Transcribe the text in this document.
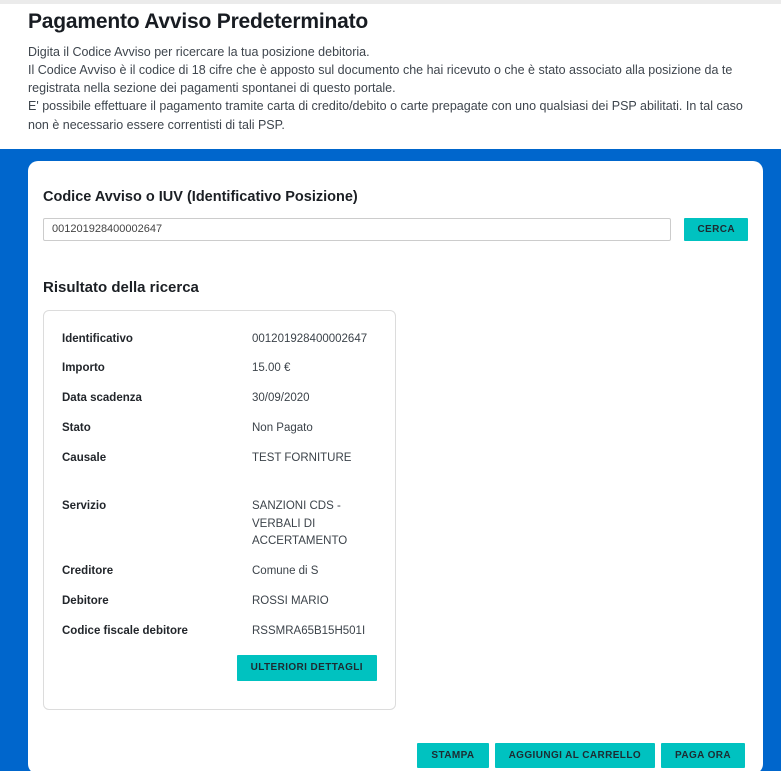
Pagamento Avviso Predeterminato

Digita il Codice Avviso per ricercare la tua posizione debitoria.

Il Codice Avviso è il codice di 18 cifre che è apposto sul documento che hai ricevuto o che è stato associato alla posizione da te registrata nella sezione dei pagamenti spontanei di questo portale.

E' possibile effettuare il pagamento tramite carta di credito/debito o carte prepagate con uno qualsiasi dei PSP abilitati. In tal caso non è necessario essere correntisti di tali PSP.

Codice Avviso o IUV (Identificativo Posizione)
001201928400002647
CERCA
Risultato della ricerca
Identificativo	001201928400002647
Importo	15.00 €
Data scadenza	30/09/2020
Stato	Non Pagato
Causale	TEST FORNITURE
Servizio	SANZIONI CDS - VERBALI DI ACCERTAMENTO
Creditore	Comune di S
Debitore	ROSSI MARIO
Codice fiscale debitore	RSSMRA65B15H501I
ULTERIORI DETTAGLI
STAMPA	AGGIUNGI AL CARRELLO	PAGA ORA
